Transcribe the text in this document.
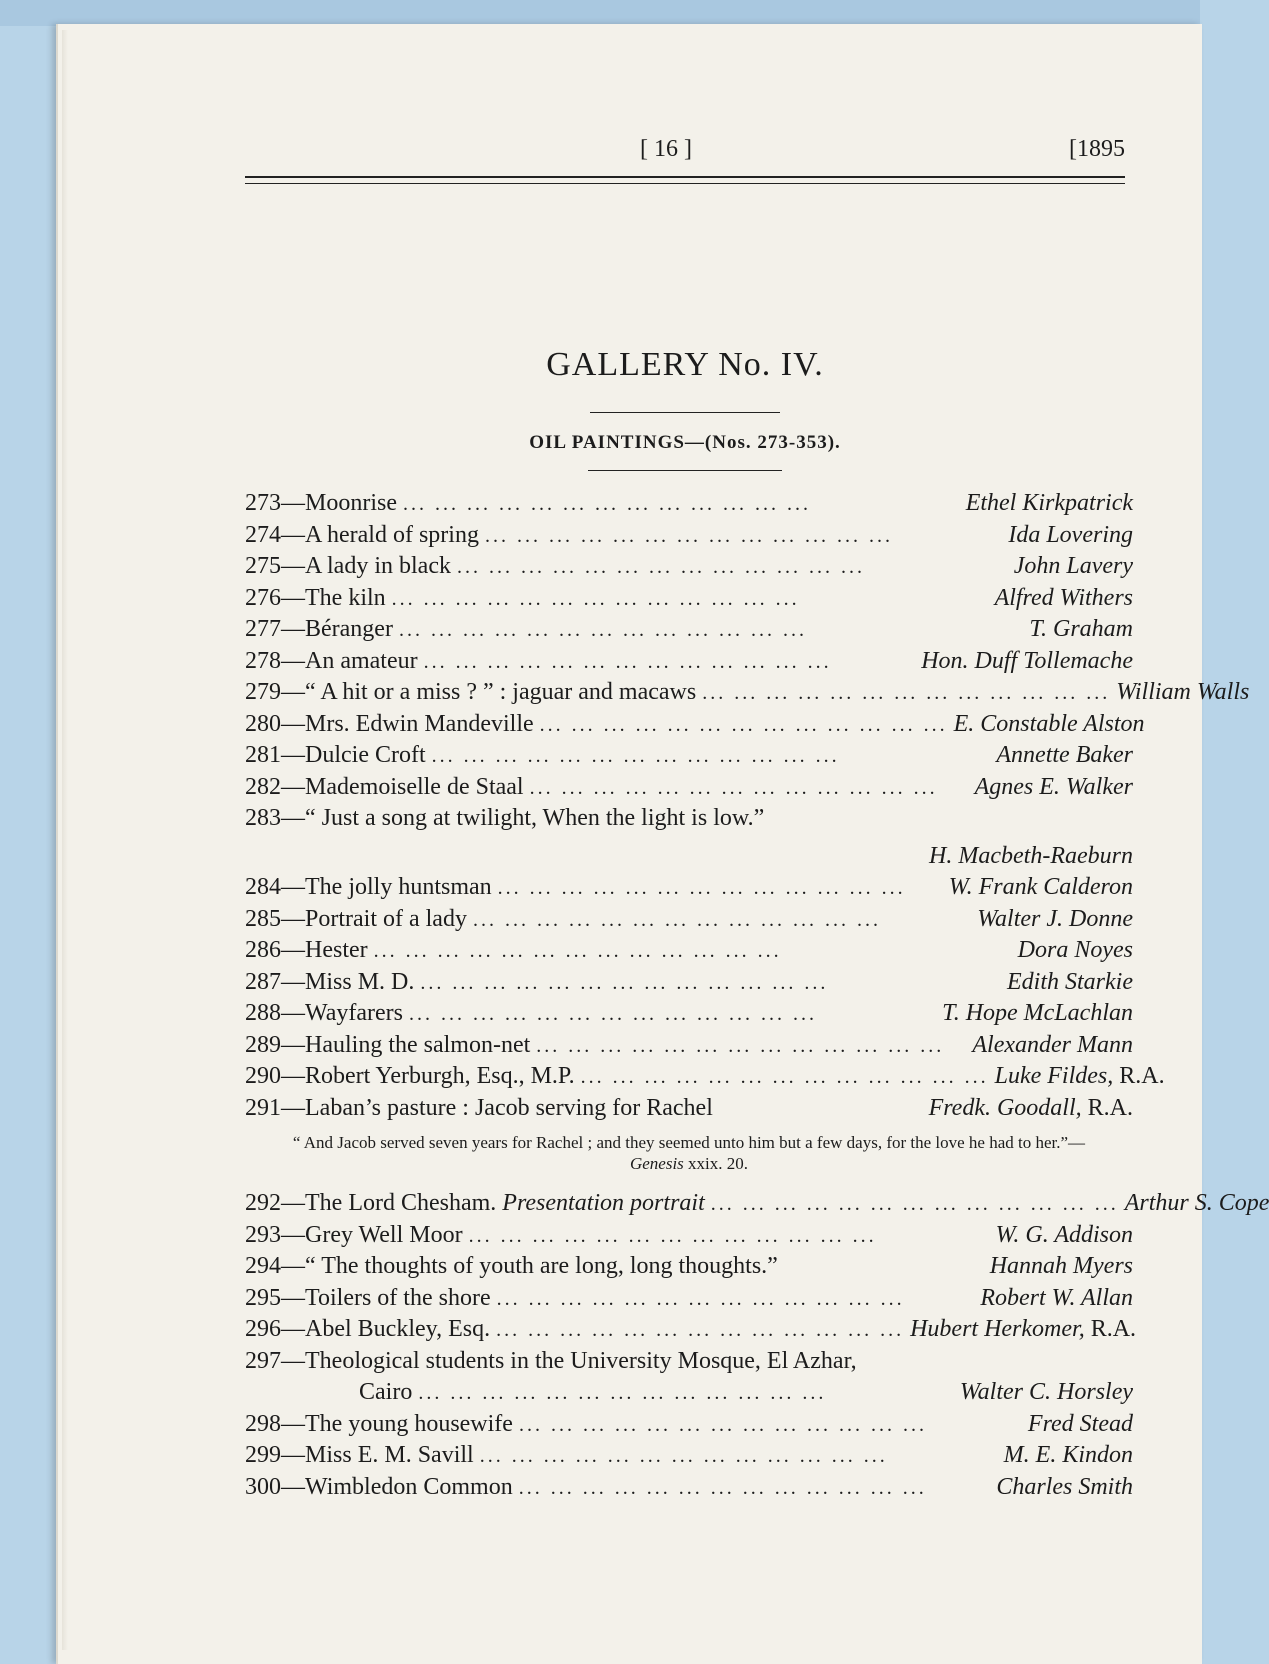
[ 16 ]	[1895
GALLERY No. IV.
OIL PAINTINGS—(Nos. 273-353).
273—Moonrise ... ... ... ... ... ... ... ... ... ... ... ... ...	Ethel Kirkpatrick
274—A herald of spring ... ... ... ... ... ... ... ... ... ... ... ... ...	Ida Lovering
275—A lady in black ... ... ... ... ... ... ... ... ... ... ... ... ...	John Lavery
276—The kiln ... ... ... ... ... ... ... ... ... ... ... ... ...	Alfred Withers
277—Béranger ... ... ... ... ... ... ... ... ... ... ... ... ...	T. Graham
278—An amateur ... ... ... ... ... ... ... ... ... ... ... ... ...	Hon. Duff Tollemache
279—“ A hit or a miss ? ” : jaguar and macaws ... ... ... ... ... ... ... ... ... ... ... ... ... William Walls
280—Mrs. Edwin Mandeville ... ... ... ... ... ... ... ... ... ... ... ... ... E. Constable Alston
281—Dulcie Croft ... ... ... ... ... ... ... ... ... ... ... ... ...	Annette Baker
282—Mademoiselle de Staal ... ... ... ... ... ... ... ... ... ... ... ... ...	Agnes E. Walker
283—“ Just a song at twilight, When the light is low.”
H. Macbeth-Raeburn
284—The jolly huntsman ... ... ... ... ... ... ... ... ... ... ... ... ...	W. Frank Calderon
285—Portrait of a lady ... ... ... ... ... ... ... ... ... ... ... ... ...	Walter J. Donne
286—Hester ... ... ... ... ... ... ... ... ... ... ... ... ...	Dora Noyes
287—Miss M. D. ... ... ... ... ... ... ... ... ... ... ... ... ...	Edith Starkie
288—Wayfarers ... ... ... ... ... ... ... ... ... ... ... ... ...	T. Hope McLachlan
289—Hauling the salmon-net ... ... ... ... ... ... ... ... ... ... ... ... ...	Alexander Mann
290—Robert Yerburgh, Esq., M.P. ... ... ... ... ... ... ... ... ... ... ... ... ... Luke Fildes, R.A.
291—Laban’s pasture : Jacob serving for Rachel	Fredk. Goodall, R.A.
“ And Jacob served seven years for Rachel ; and they seemed unto him but a few days, for the love he had to her.”—Genesis xxix. 20.
292—The Lord Chesham. Presentation portrait ... ... ... ... ... ... ... ... ... ... ... ... ... Arthur S. Cope
293—Grey Well Moor ... ... ... ... ... ... ... ... ... ... ... ... ...	W. G. Addison
294—“ The thoughts of youth are long, long thoughts.”	Hannah Myers
295—Toilers of the shore ... ... ... ... ... ... ... ... ... ... ... ... ...	Robert W. Allan
296—Abel Buckley, Esq. ... ... ... ... ... ... ... ... ... ... ... ... ... Hubert Herkomer, R.A.
297—Theological students in the University Mosque, El Azhar,
Cairo ... ... ... ... ... ... ... ... ... ... ... ... ...	Walter C. Horsley
298—The young housewife ... ... ... ... ... ... ... ... ... ... ... ... ...	Fred Stead
299—Miss E. M. Savill ... ... ... ... ... ... ... ... ... ... ... ... ...	M. E. Kindon
300—Wimbledon Common ... ... ... ... ... ... ... ... ... ... ... ... ...	Charles Smith
